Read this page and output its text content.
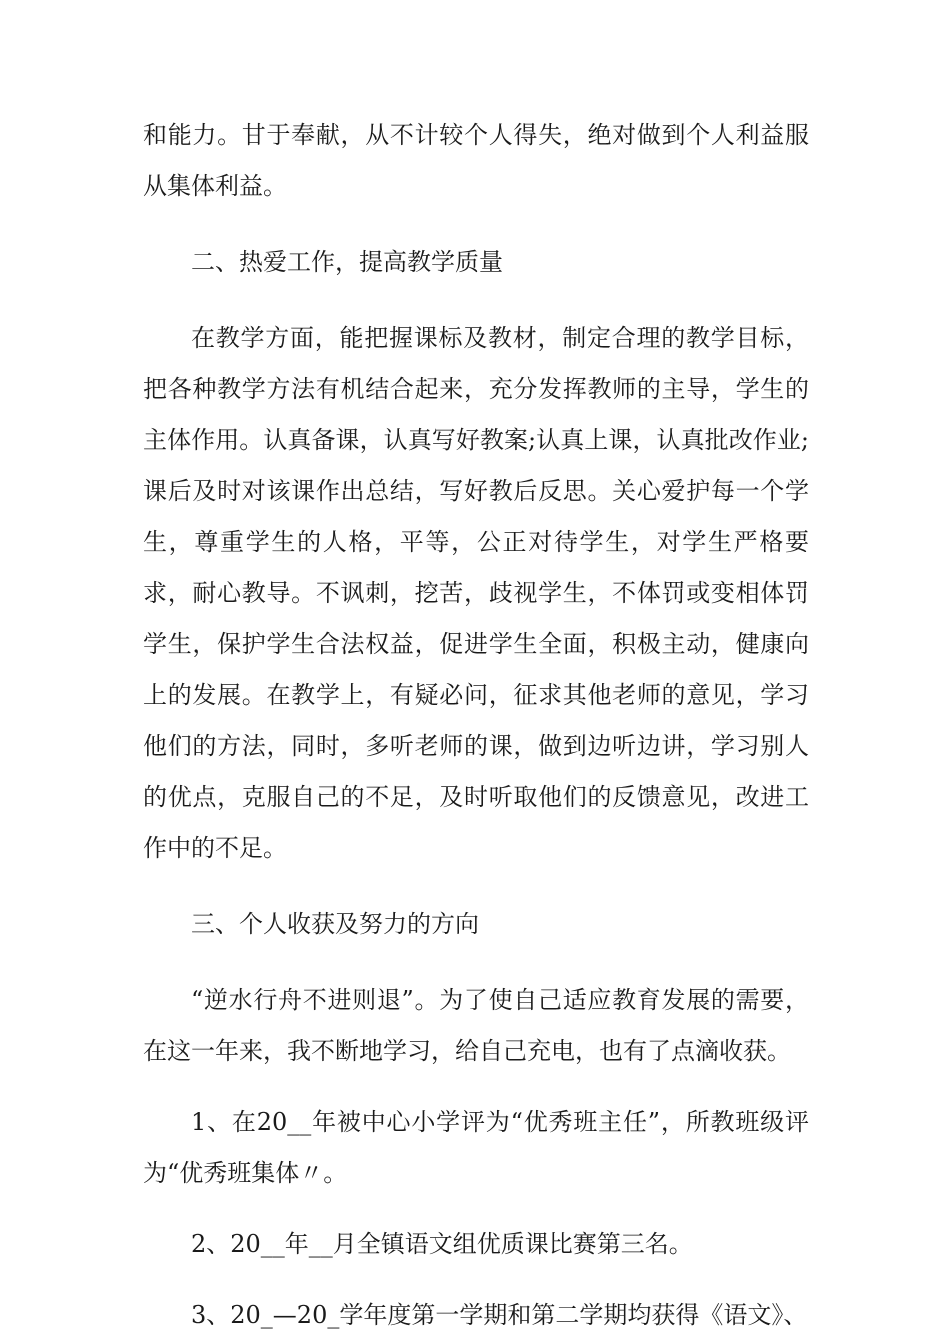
和能力。甘于奉献，从不计较个人得失，绝对做到个人利益服从集体利益。

二、热爱工作，提高教学质量

在教学方面，能把握课标及教材，制定合理的教学目标，把各种教学方法有机结合起来，充分发挥教师的主导，学生的主体作用。认真备课，认真写好教案;认真上课，认真批改作业;课后及时对该课作出总结，写好教后反思。关心爱护每一个学生，尊重学生的人格，平等，公正对待学生，对学生严格要求，耐心教导。不讽刺，挖苦，歧视学生，不体罚或变相体罚学生，保护学生合法权益，促进学生全面，积极主动，健康向上的发展。在教学上，有疑必问，征求其他老师的意见，学习他们的方法，同时，多听老师的课，做到边听边讲，学习别人的优点，克服自己的不足，及时听取他们的反馈意见，改进工作中的不足。

三、个人收获及努力的方向

“逆水行舟不进则退”。为了使自己适应教育发展的需要，在这一年来，我不断地学习，给自己充电，也有了点滴收获。

1、在20__年被中心小学评为“优秀班主任”，所教班级评为“优秀班集体〃。

2、20__年__月全镇语文组优质课比赛第三名。

3、20_—20_学年度第一学期和第二学期均获得《语文》、
